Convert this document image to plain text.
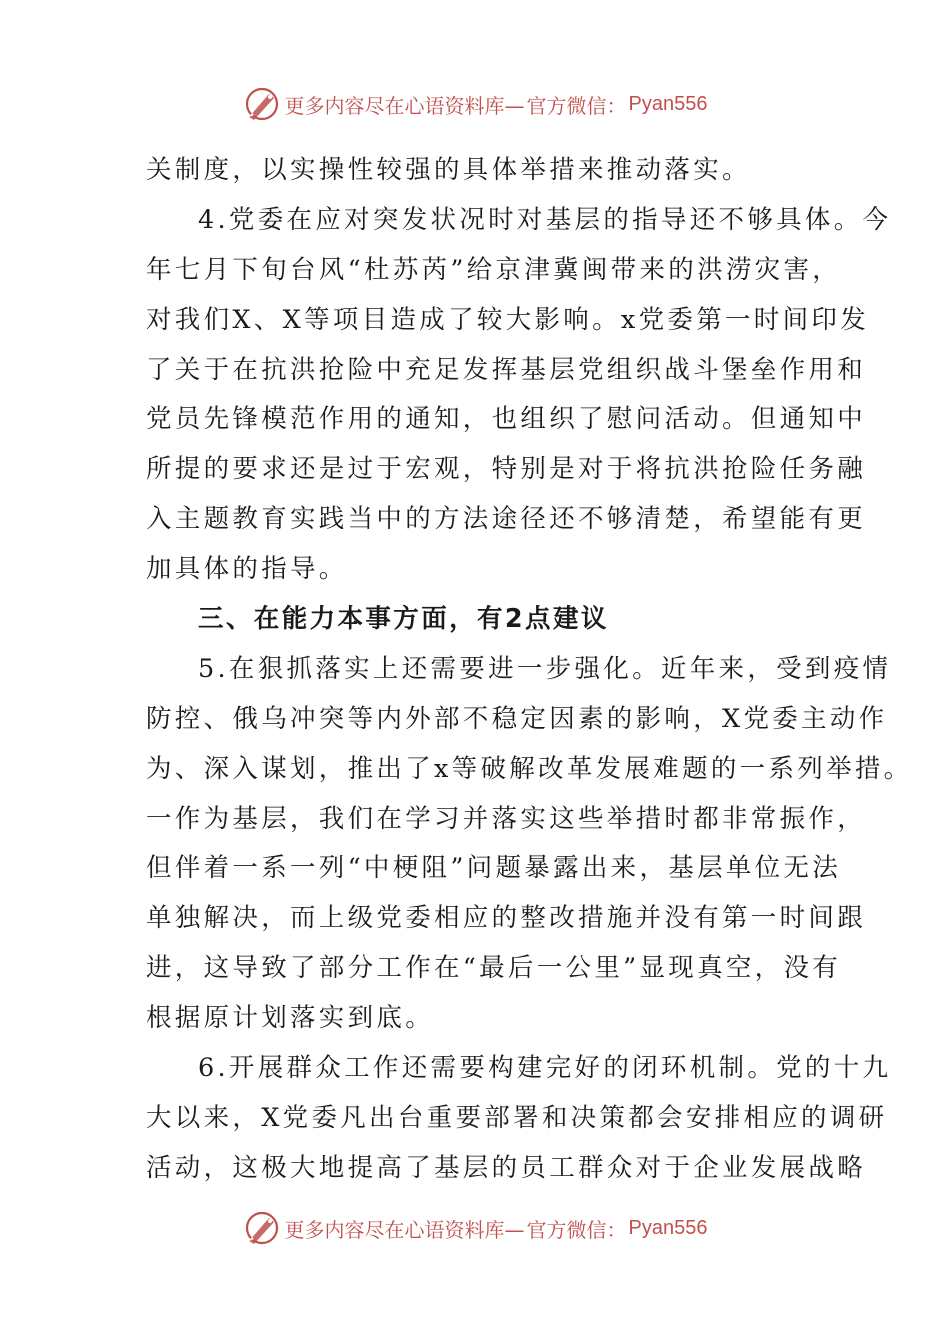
更多内容尽在心语资料库— 官方微信： Pyan556
关制度，以实操性较强的具体举措来推动落实。
4.党委在应对突发状况时对基层的指导还不够具体。今
年七月下旬台风“杜苏芮”给京津冀闽带来的洪涝灾害，
对我们X、X等项目造成了较大影响。x党委第一时间印发
了关于在抗洪抢险中充足发挥基层党组织战斗堡垒作用和
党员先锋模范作用的通知，也组织了慰问活动。但通知中
所提的要求还是过于宏观，特别是对于将抗洪抢险任务融
入主题教育实践当中的方法途径还不够清楚，希望能有更
加具体的指导。
三、在能力本事方面，有2点建议
5.在狠抓落实上还需要进一步强化。近年来，受到疫情
防控、俄乌冲突等内外部不稳定因素的影响，X党委主动作
为、深入谋划，推出了x等破解改革发展难题的一系列举措。
一作为基层，我们在学习并落实这些举措时都非常振作，
但伴着一系一列“中梗阻”问题暴露出来，基层单位无法
单独解决，而上级党委相应的整改措施并没有第一时间跟
进，这导致了部分工作在“最后一公里”显现真空，没有
根据原计划落实到底。
6.开展群众工作还需要构建完好的闭环机制。党的十九
大以来，X党委凡出台重要部署和决策都会安排相应的调研
活动，这极大地提高了基层的员工群众对于企业发展战略
更多内容尽在心语资料库— 官方微信： Pyan556
